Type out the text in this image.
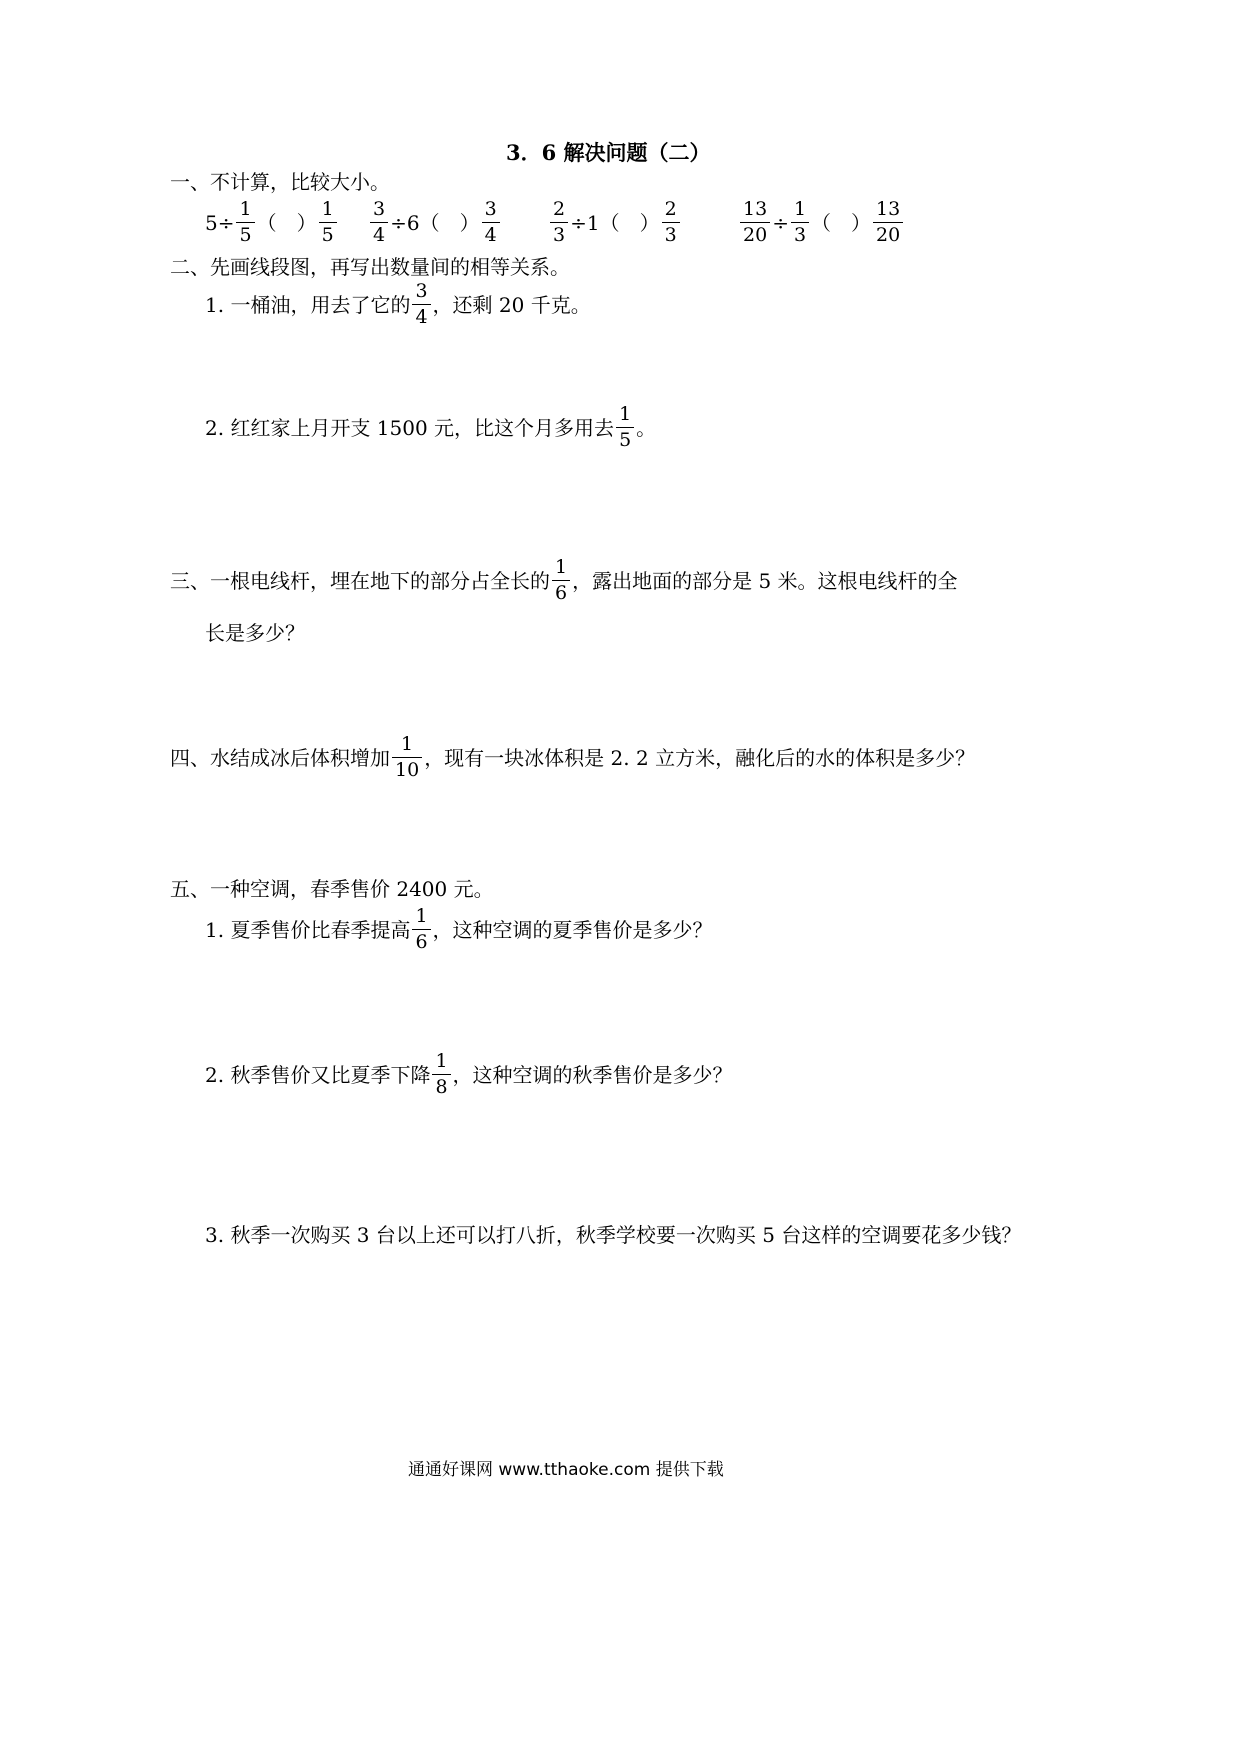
3．6 解决问题（二）
一、不计算，比较大小。
$5\div \frac{1}{5}$ （　） $\frac{1}{5} \frac{3}{4} \div 6$ （　） $\frac{3}{4}$	$\frac{2}{3} \div 1$ （　） $\frac{2}{3}$	$\frac{13}{20} \div \frac{1}{3}$ （　） $\frac{13}{20}$
二、先画线段图，再写出数量间的相等关系。
1. 一桶油，用去了它的 $\frac{3}{4}$ ，还剩 20 千克。
2. 红红家上月开支 1500 元，比这个月多用去 $\frac{1}{5}$ 。
三、一根电线杆，埋在地下的部分占全长的 $\frac{1}{6}$ ，露出地面的部分是 5 米。这根电线杆的全
长是多少？
四、水结成冰后体积增加 $\frac{1}{10}$ ，现有一块冰体积是 2. 2 立方米，融化后的水的体积是多少？
五、一种空调，春季售价 2400 元。
1. 夏季售价比春季提高 $\frac{1}{6}$ ，这种空调的夏季售价是多少？
2. 秋季售价又比夏季下降 $\frac{1}{8}$ ，这种空调的秋季售价是多少？
3. 秋季一次购买 3 台以上还可以打八折，秋季学校要一次购买 5 台这样的空调要花多少钱？
通通好课网 www.tthaoke.com 提供下载
